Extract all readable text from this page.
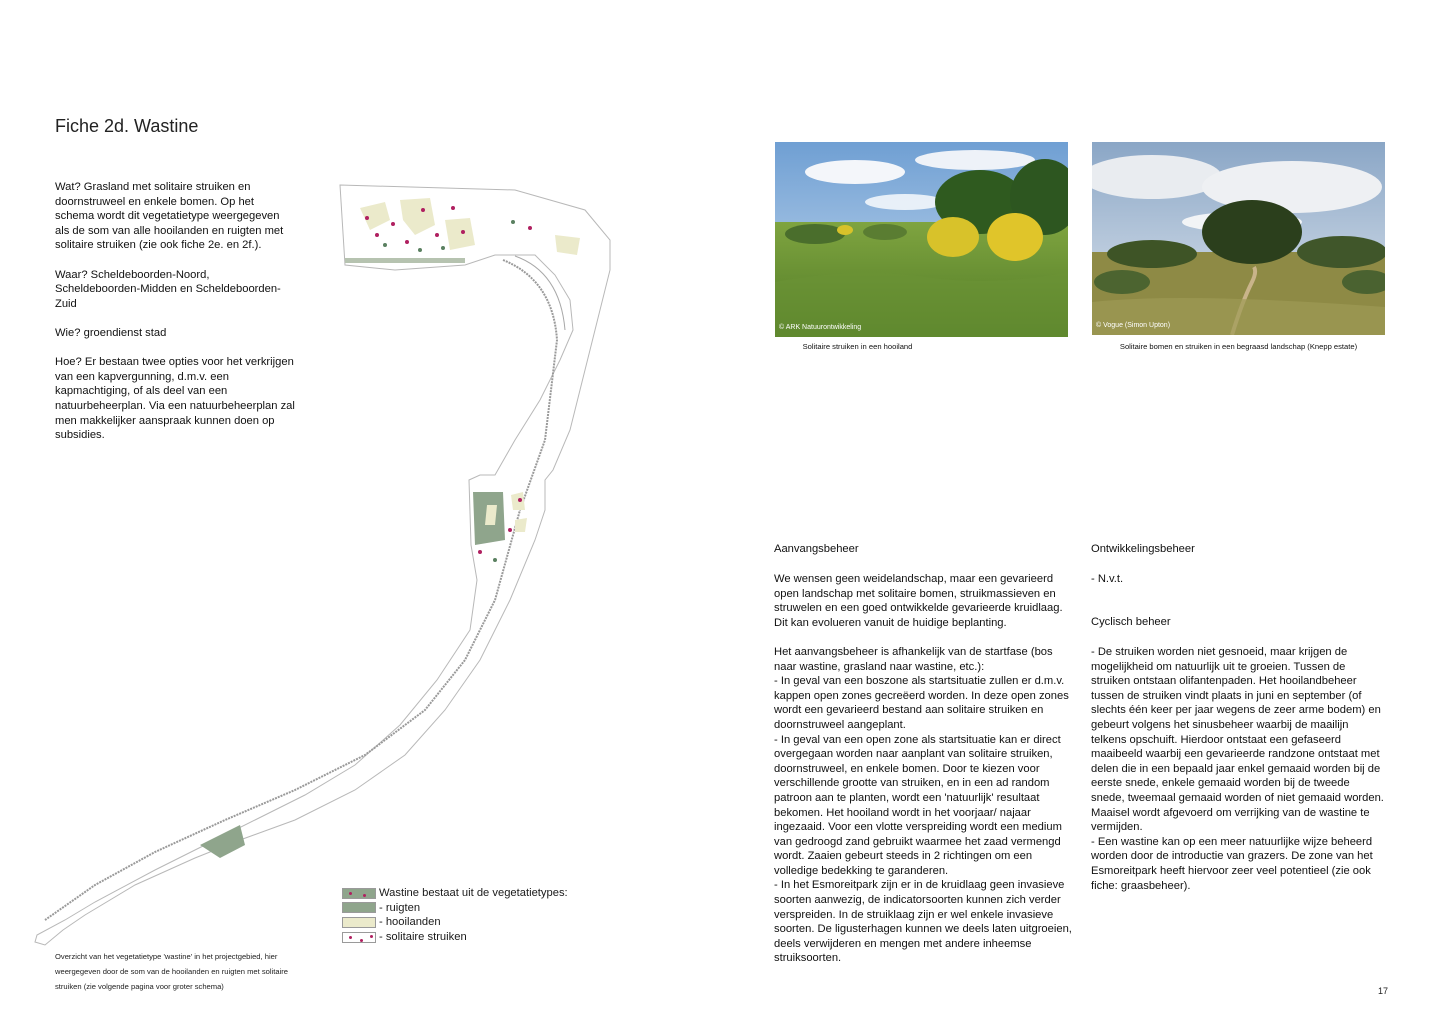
Fiche 2d. Wastine

Wat? Grasland met solitaire struiken en doornstruweel en enkele bomen. Op het schema wordt dit vegetatietype weergegeven als de som van alle hooilanden en ruigten met solitaire struiken (zie ook fiche 2e. en 2f.).

Waar? Scheldeboorden-Noord, Scheldeboorden-Midden en Scheldeboorden-Zuid

Wie? groendienst stad

Hoe? Er bestaan twee opties voor het verkrijgen van een kapvergunning, d.m.v. een kapmachtiging, of als deel van een natuurbeheerplan. Via een natuurbeheerplan zal men makkelijker aanspraak kunnen doen op subsidies.

Wastine bestaat uit de vegetatietypes:
- ruigten
- hooilanden
- solitaire struiken
Overzicht van het vegetatietype 'wastine' in het projectgebied, hier weergegeven door de som van de hooilanden en ruigten met solitaire struiken (zie volgende pagina voor groter schema)
© ARK Natuurontwikkeling
Solitaire struiken in een hooiland
© Vogue (Simon Upton)
Solitaire bomen en struiken in een begraasd landschap (Knepp estate)
Aanvangsbeheer

We wensen geen weidelandschap, maar een gevarieerd open landschap met solitaire bomen, struikmassieven en struwelen en een goed ontwikkelde gevarieerde kruidlaag. Dit kan evolueren vanuit de huidige beplanting.

Het aanvangsbeheer is afhankelijk van de startfase (bos naar wastine, grasland naar wastine, etc.):
- In geval van een boszone als startsituatie zullen er d.m.v. kappen open zones gecreëerd worden. In deze open zones wordt een gevarieerd bestand aan solitaire struiken en doornstruweel aangeplant.
- In geval van een open zone als startsituatie kan er direct overgegaan worden naar aanplant van solitaire struiken, doornstruweel, en enkele bomen. Door te kiezen voor verschillende grootte van struiken, en in een ad random patroon aan te planten, wordt een 'natuurlijk' resultaat bekomen. Het hooiland wordt in het voorjaar/ najaar ingezaaid. Voor een vlotte verspreiding wordt een medium van gedroogd zand gebruikt waarmee het zaad vermengd wordt. Zaaien gebeurt steeds in 2 richtingen om een volledige bedekking te garanderen.
- In het Esmoreitpark zijn er in de kruidlaag geen invasieve soorten aanwezig, de indicatorsoorten kunnen zich verder verspreiden. In de struiklaag zijn er wel enkele invasieve soorten. De ligusterhagen kunnen we deels laten uitgroeien, deels verwijderen en mengen met andere inheemse struiksoorten.

Ontwikkelingsbeheer
- N.v.t.
Cyclisch beheer
- De struiken worden niet gesnoeid, maar krijgen de mogelijkheid om natuurlijk uit te groeien. Tussen de struiken ontstaan olifantenpaden. Het hooilandbeheer tussen de struiken vindt plaats in juni en september (of slechts één keer per jaar wegens de zeer arme bodem) en gebeurt volgens het sinusbeheer waarbij de maailijn telkens opschuift. Hierdoor ontstaat een gefaseerd maaibeeld waarbij een gevarieerde randzone ontstaat met delen die in een bepaald jaar enkel gemaaid worden bij de eerste snede, enkele gemaaid worden bij de tweede snede, tweemaal gemaaid worden of niet gemaaid worden. Maaisel wordt afgevoerd om verrijking van de wastine te vermijden.
- Een wastine kan op een meer natuurlijke wijze beheerd worden door de introductie van grazers. De zone van het Esmoreitpark heeft hiervoor zeer veel potentieel (zie ook fiche: graasbeheer).
17
